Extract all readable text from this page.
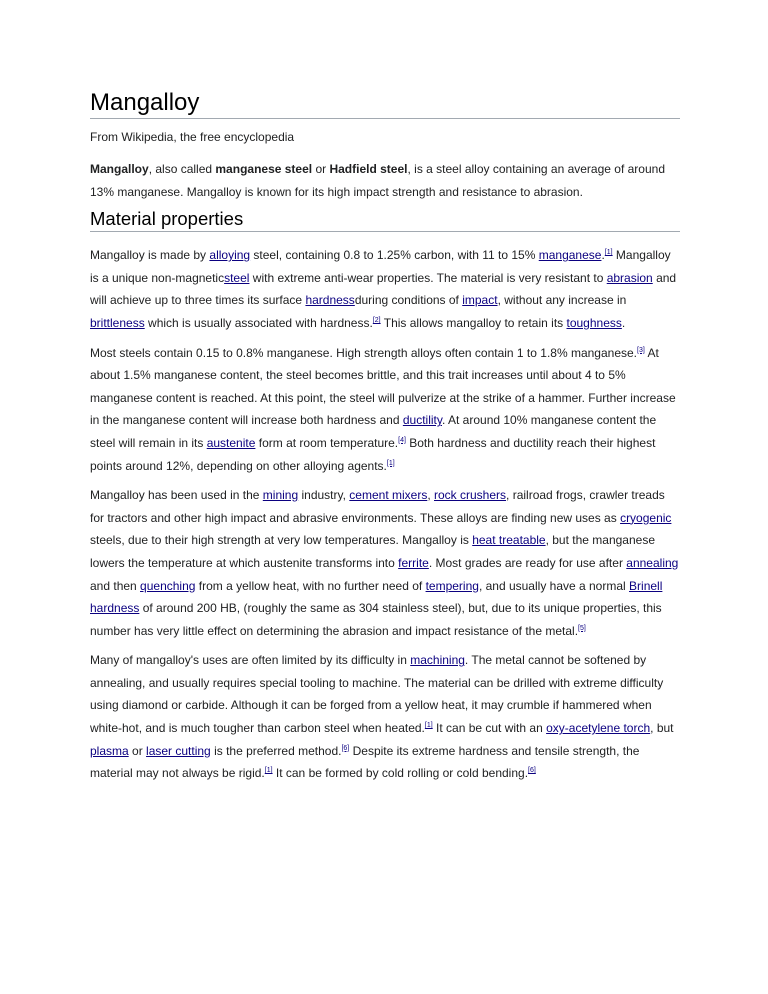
Mangalloy
From Wikipedia, the free encyclopedia

Mangalloy, also called manganese steel or Hadfield steel, is a steel alloy containing an average of around 13% manganese. Mangalloy is known for its high impact strength and resistance to abrasion.

Material properties

Mangalloy is made by alloying steel, containing 0.8 to 1.25% carbon, with 11 to 15% manganese.[1] Mangalloy is a unique non-magneticsteel with extreme anti-wear properties. The material is very resistant to abrasion and will achieve up to three times its surface hardnessduring conditions of impact, without any increase in brittleness which is usually associated with hardness.[2] This allows mangalloy to retain its toughness.

Most steels contain 0.15 to 0.8% manganese. High strength alloys often contain 1 to 1.8% manganese.[3] At about 1.5% manganese content, the steel becomes brittle, and this trait increases until about 4 to 5% manganese content is reached. At this point, the steel will pulverize at the strike of a hammer. Further increase in the manganese content will increase both hardness and ductility. At around 10% manganese content the steel will remain in its austenite form at room temperature.[4] Both hardness and ductility reach their highest points around 12%, depending on other alloying agents.[1]

Mangalloy has been used in the mining industry, cement mixers, rock crushers, railroad frogs, crawler treads for tractors and other high impact and abrasive environments. These alloys are finding new uses as cryogenic steels, due to their high strength at very low temperatures. Mangalloy is heat treatable, but the manganese lowers the temperature at which austenite transforms into ferrite. Most grades are ready for use after annealing and then quenching from a yellow heat, with no further need of tempering, and usually have a normal Brinell hardness of around 200 HB, (roughly the same as 304 stainless steel), but, due to its unique properties, this number has very little effect on determining the abrasion and impact resistance of the metal.[5]

Many of mangalloy's uses are often limited by its difficulty in machining. The metal cannot be softened by annealing, and usually requires special tooling to machine. The material can be drilled with extreme difficulty using diamond or carbide. Although it can be forged from a yellow heat, it may crumble if hammered when white-hot, and is much tougher than carbon steel when heated.[1] It can be cut with an oxy-acetylene torch, but plasma or laser cutting is the preferred method.[6] Despite its extreme hardness and tensile strength, the material may not always be rigid.[1] It can be formed by cold rolling or cold bending.[6]
